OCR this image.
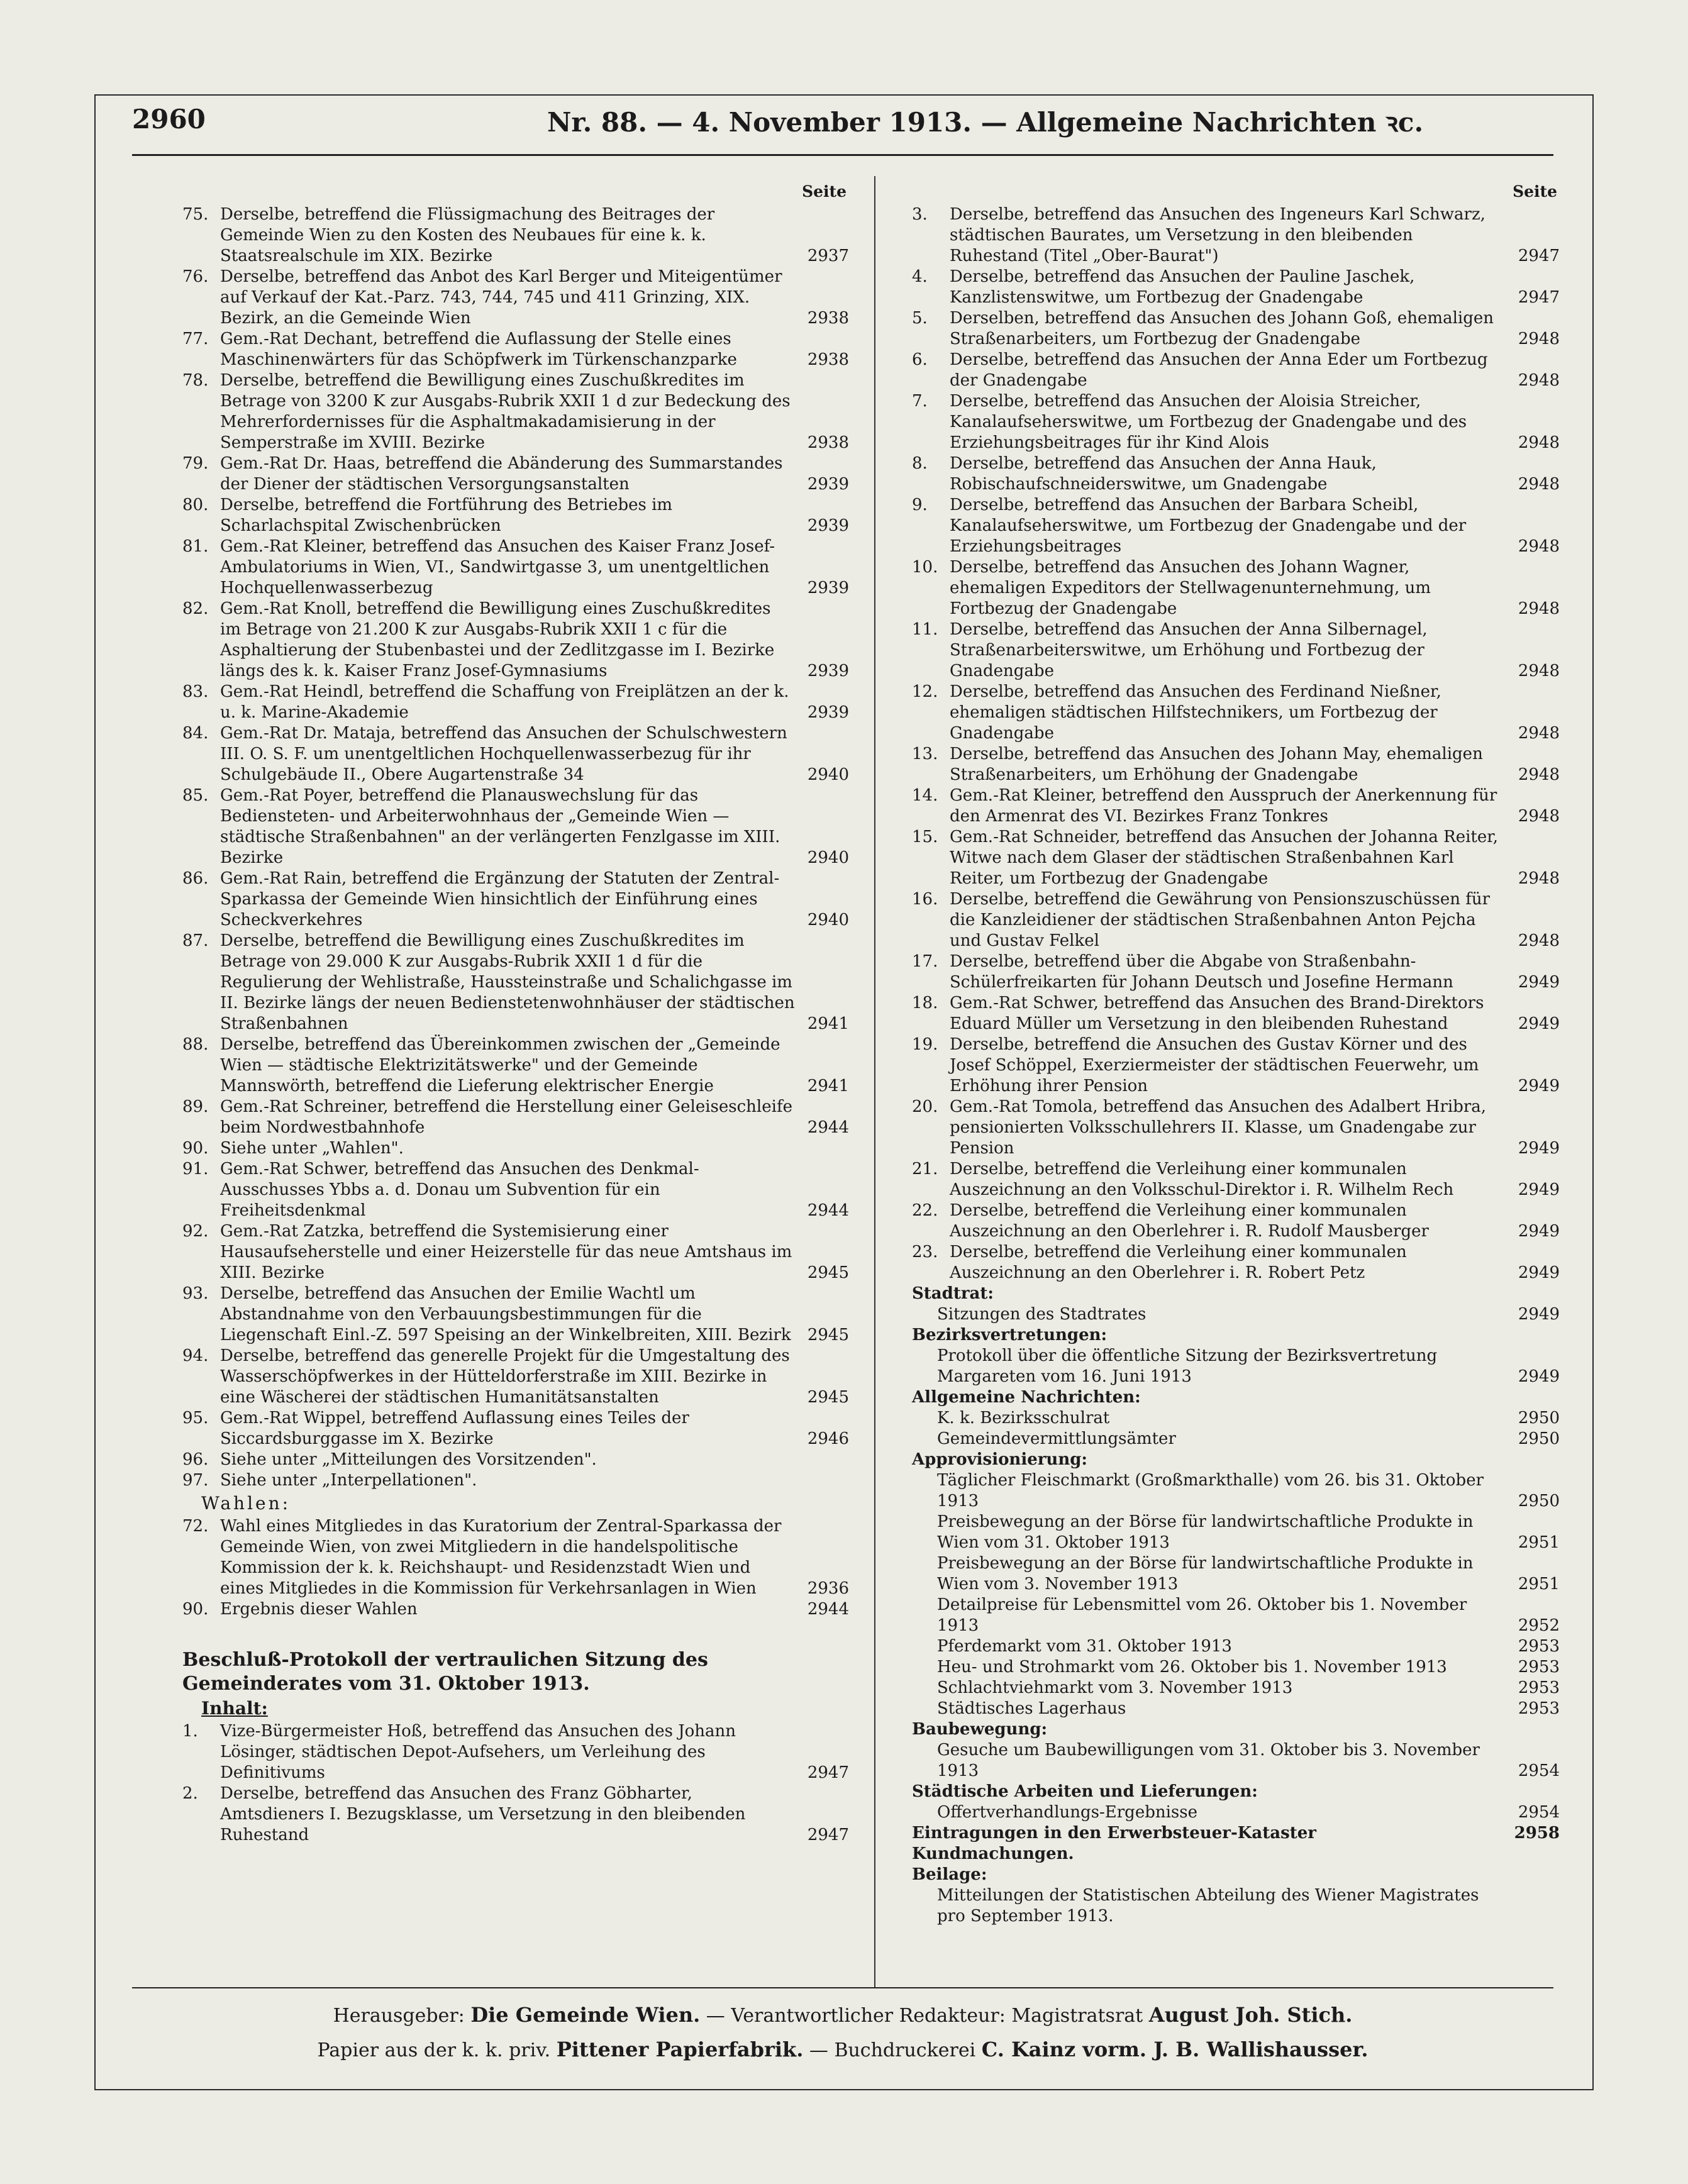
2960	Nr. 88. — 4. November 1913. — Allgemeine Nachrichten ꝛc.
Seite
75. Derselbe, betreffend die Flüssigmachung des Beitrages der Gemeinde Wien zu den Kosten des Neubaues für eine k. k. Staatsrealschule im XIX. Bezirke	2937
76. Derselbe, betreffend das Anbot des Karl Berger und Miteigentümer auf Verkauf der Kat.-Parz. 743, 744, 745 und 411 Grinzing, XIX. Bezirk, an die Gemeinde Wien	2938
77. Gem.-Rat Dechant, betreffend die Auflassung der Stelle eines Maschinenwärters für das Schöpfwerk im Türkenschanzparke	2938
78. Derselbe, betreffend die Bewilligung eines Zuschußkredites im Betrage von 3200 K zur Ausgabs-Rubrik XXII 1 d zur Bedeckung des Mehrerfordernisses für die Asphaltmakadamisierung in der Semperstraße im XVIII. Bezirke	2938
79. Gem.-Rat Dr. Haas, betreffend die Abänderung des Summarstandes der Diener der städtischen Versorgungsanstalten	2939
80. Derselbe, betreffend die Fortführung des Betriebes im Scharlachspital Zwischenbrücken	2939
81. Gem.-Rat Kleiner, betreffend das Ansuchen des Kaiser Franz Josef-Ambulatoriums in Wien, VI., Sandwirtgasse 3, um unentgeltlichen Hochquellenwasserbezug	2939
82. Gem.-Rat Knoll, betreffend die Bewilligung eines Zuschußkredites im Betrage von 21.200 K zur Ausgabs-Rubrik XXII 1 c für die Asphaltierung der Stubenbastei und der Zedlitzgasse im I. Bezirke längs des k. k. Kaiser Franz Josef-Gymnasiums	2939
83. Gem.-Rat Heindl, betreffend die Schaffung von Freiplätzen an der k. u. k. Marine-Akademie	2939
84. Gem.-Rat Dr. Mataja, betreffend das Ansuchen der Schulschwestern III. O. S. F. um unentgeltlichen Hochquellenwasserbezug für ihr Schulgebäude II., Obere Augartenstraße 34	2940
85. Gem.-Rat Poyer, betreffend die Planauswechslung für das Bediensteten- und Arbeiterwohnhaus der „Gemeinde Wien — städtische Straßenbahnen" an der verlängerten Fenzlgasse im XIII. Bezirke	2940
86. Gem.-Rat Rain, betreffend die Ergänzung der Statuten der Zentral-Sparkassa der Gemeinde Wien hinsichtlich der Einführung eines Scheckverkehres	2940
87. Derselbe, betreffend die Bewilligung eines Zuschußkredites im Betrage von 29.000 K zur Ausgabs-Rubrik XXII 1 d für die Regulierung der Wehlistraße, Haussteinstraße und Schalichgasse im II. Bezirke längs der neuen Bedienstetenwohnhäuser der städtischen Straßenbahnen	2941
88. Derselbe, betreffend das Übereinkommen zwischen der „Gemeinde Wien — städtische Elektrizitätswerke" und der Gemeinde Mannswörth, betreffend die Lieferung elektrischer Energie	2941
89. Gem.-Rat Schreiner, betreffend die Herstellung einer Geleiseschleife beim Nordwestbahnhofe	2944
90. Siehe unter „Wahlen".
91. Gem.-Rat Schwer, betreffend das Ansuchen des Denkmal-Ausschusses Ybbs a. d. Donau um Subvention für ein Freiheitsdenkmal	2944
92. Gem.-Rat Zatzka, betreffend die Systemisierung einer Hausaufseherstelle und einer Heizerstelle für das neue Amtshaus im XIII. Bezirke	2945
93. Derselbe, betreffend das Ansuchen der Emilie Wachtl um Abstandnahme von den Verbauungsbestimmungen für die Liegenschaft Einl.-Z. 597 Speising an der Winkelbreiten, XIII. Bezirk	2945
94. Derselbe, betreffend das generelle Projekt für die Umgestaltung des Wasserschöpfwerkes in der Hütteldorferstraße im XIII. Bezirke in eine Wäscherei der städtischen Humanitätsanstalten	2945
95. Gem.-Rat Wippel, betreffend Auflassung eines Teiles der Siccardsburggasse im X. Bezirke	2946
96. Siehe unter „Mitteilungen des Vorsitzenden".
97. Siehe unter „Interpellationen".
Wahlen:
72. Wahl eines Mitgliedes in das Kuratorium der Zentral-Sparkassa der Gemeinde Wien, von zwei Mitgliedern in die handelspolitische Kommission der k. k. Reichshaupt- und Residenzstadt Wien und eines Mitgliedes in die Kommission für Verkehrsanlagen in Wien	2936
90. Ergebnis dieser Wahlen	2944
Beschluß-Protokoll der vertraulichen Sitzung des Gemeinderates vom 31. Oktober 1913.
Inhalt:
1.	Vize-Bürgermeister Hoß, betreffend das Ansuchen des Johann Lösinger, städtischen Depot-Aufsehers, um Verleihung des Definitivums	2947
2.	Derselbe, betreffend das Ansuchen des Franz Göbharter, Amtsdieners I. Bezugsklasse, um Versetzung in den bleibenden Ruhestand	2947
Seite
3.	Derselbe, betreffend das Ansuchen des Ingeneurs Karl Schwarz, städtischen Baurates, um Versetzung in den bleibenden Ruhestand (Titel „Ober-Baurat")	2947
4.	Derselbe, betreffend das Ansuchen der Pauline Jaschek, Kanzlistenswitwe, um Fortbezug der Gnadengabe	2947
5.	Derselben, betreffend das Ansuchen des Johann Goß, ehemaligen Straßenarbeiters, um Fortbezug der Gnadengabe	2948
6.	Derselbe, betreffend das Ansuchen der Anna Eder um Fortbezug der Gnadengabe	2948
7.	Derselbe, betreffend das Ansuchen der Aloisia Streicher, Kanalaufseherswitwe, um Fortbezug der Gnadengabe und des Erziehungsbeitrages für ihr Kind Alois	2948
8.	Derselbe, betreffend das Ansuchen der Anna Hauk, Robischaufschneiderswitwe, um Gnadengabe	2948
9.	Derselbe, betreffend das Ansuchen der Barbara Scheibl, Kanalaufseherswitwe, um Fortbezug der Gnadengabe und der Erziehungsbeitrages	2948
10. Derselbe, betreffend das Ansuchen des Johann Wagner, ehemaligen Expeditors der Stellwagenunternehmung, um Fortbezug der Gnadengabe	2948
11. Derselbe, betreffend das Ansuchen der Anna Silbernagel, Straßenarbeiterswitwe, um Erhöhung und Fortbezug der Gnadengabe	2948
12. Derselbe, betreffend das Ansuchen des Ferdinand Nießner, ehemaligen städtischen Hilfstechnikers, um Fortbezug der Gnadengabe	2948
13. Derselbe, betreffend das Ansuchen des Johann May, ehemaligen Straßenarbeiters, um Erhöhung der Gnadengabe	2948
14. Gem.-Rat Kleiner, betreffend den Ausspruch der Anerkennung für den Armenrat des VI. Bezirkes Franz Tonkres	2948
15. Gem.-Rat Schneider, betreffend das Ansuchen der Johanna Reiter, Witwe nach dem Glaser der städtischen Straßenbahnen Karl Reiter, um Fortbezug der Gnadengabe	2948
16. Derselbe, betreffend die Gewährung von Pensionszuschüssen für die Kanzleidiener der städtischen Straßenbahnen Anton Pejcha und Gustav Felkel	2948
17. Derselbe, betreffend über die Abgabe von Straßenbahn-Schülerfreikarten für Johann Deutsch und Josefine Hermann	2949
18. Gem.-Rat Schwer, betreffend das Ansuchen des Brand-Direktors Eduard Müller um Versetzung in den bleibenden Ruhestand	2949
19. Derselbe, betreffend die Ansuchen des Gustav Körner und des Josef Schöppel, Exerziermeister der städtischen Feuerwehr, um Erhöhung ihrer Pension	2949
20. Gem.-Rat Tomola, betreffend das Ansuchen des Adalbert Hribra, pensionierten Volksschullehrers II. Klasse, um Gnadengabe zur Pension	2949
21. Derselbe, betreffend die Verleihung einer kommunalen Auszeichnung an den Volksschul-Direktor i. R. Wilhelm Rech	2949
22. Derselbe, betreffend die Verleihung einer kommunalen Auszeichnung an den Oberlehrer i. R. Rudolf Mausberger	2949
23. Derselbe, betreffend die Verleihung einer kommunalen Auszeichnung an den Oberlehrer i. R. Robert Petz	2949
Stadtrat:
Sitzungen des Stadtrates	2949
Bezirksvertretungen:
Protokoll über die öffentliche Sitzung der Bezirksvertretung Margareten vom 16. Juni 1913	2949
Allgemeine Nachrichten:
K. k. Bezirksschulrat	2950
Gemeindevermittlungsämter	2950
Approvisionierung:
Täglicher Fleischmarkt (Großmarkthalle) vom 26. bis 31. Oktober 1913	2950
Preisbewegung an der Börse für landwirtschaftliche Produkte in Wien vom 31. Oktober 1913	2951
Preisbewegung an der Börse für landwirtschaftliche Produkte in Wien vom 3. November 1913	2951
Detailpreise für Lebensmittel vom 26. Oktober bis 1. November 1913	2952
Pferdemarkt vom 31. Oktober 1913	2953
Heu- und Strohmarkt vom 26. Oktober bis 1. November 1913	2953
Schlachtviehmarkt vom 3. November 1913	2953
Städtisches Lagerhaus	2953
Baubewegung:
Gesuche um Baubewilligungen vom 31. Oktober bis 3. November 1913	2954
Städtische Arbeiten und Lieferungen:
Offertverhandlungs-Ergebnisse	2954
Eintragungen in den Erwerbsteuer-Kataster	2958
Kundmachungen.
Beilage:
Mitteilungen der Statistischen Abteilung des Wiener Magistrates pro September 1913.
Herausgeber: Die Gemeinde Wien. — Verantwortlicher Redakteur: Magistratsrat August Joh. Stich.
Papier aus der k. k. priv. Pittener Papierfabrik. — Buchdruckerei C. Kainz vorm. J. B. Wallishausser.
